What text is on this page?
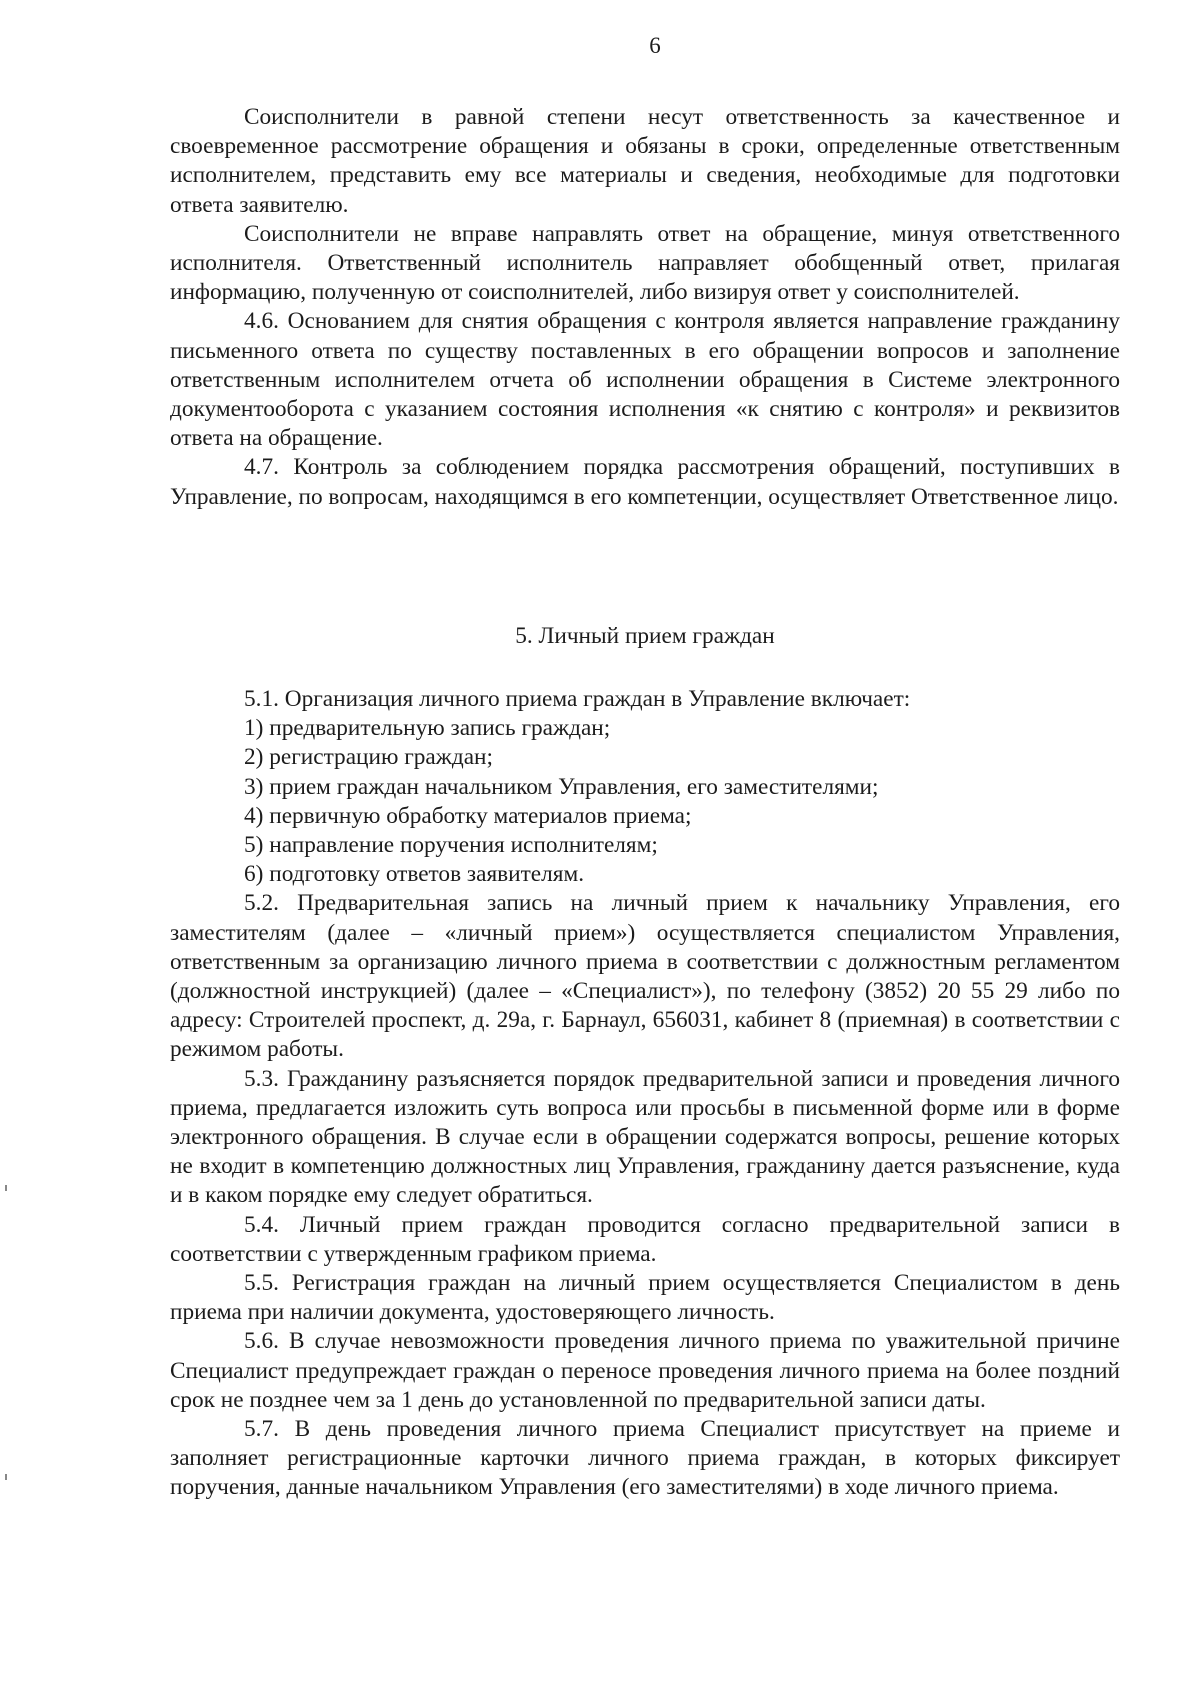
6

Соисполнители в равной степени несут ответственность за качественное и своевременное рассмотрение обращения и обязаны в сроки, определенные ответственным исполнителем, представить ему все материалы и сведения, необходимые для подготовки ответа заявителю.

Соисполнители не вправе направлять ответ на обращение, минуя ответственного исполнителя. Ответственный исполнитель направляет обобщенный ответ, прилагая информацию, полученную от соисполнителей, либо визируя ответ у соисполнителей.

4.6. Основанием для снятия обращения с контроля является направление гражданину письменного ответа по существу поставленных в его обращении вопросов и заполнение ответственным исполнителем отчета об исполнении обращения в Системе электронного документооборота с указанием состояния исполнения «к снятию с контроля» и реквизитов ответа на обращение.

4.7. Контроль за соблюдением порядка рассмотрения обращений, поступивших в Управление, по вопросам, находящимся в его компетенции, осуществляет Ответственное лицо.

5. Личный прием граждан

5.1. Организация личного приема граждан в Управление включает:

1) предварительную запись граждан;

2) регистрацию граждан;

3) прием граждан начальником Управления, его заместителями;

4) первичную обработку материалов приема;

5) направление поручения исполнителям;

6) подготовку ответов заявителям.

5.2. Предварительная запись на личный прием к начальнику Управления, его заместителям (далее – «личный прием») осуществляется специалистом Управления, ответственным за организацию личного приема в соответствии с должностным регламентом (должностной инструкцией) (далее – «Специалист»), по телефону (3852) 20 55 29 либо по адресу: Строителей проспект, д. 29а, г. Барнаул, 656031, кабинет 8 (приемная) в соответствии с режимом работы.

5.3. Гражданину разъясняется порядок предварительной записи и проведения личного приема, предлагается изложить суть вопроса или просьбы в письменной форме или в форме электронного обращения. В случае если в обращении содержатся вопросы, решение которых не входит в компетенцию должностных лиц Управления, гражданину дается разъяснение, куда и в каком порядке ему следует обратиться.

5.4. Личный прием граждан проводится согласно предварительной записи в соответствии с утвержденным графиком приема.

5.5. Регистрация граждан на личный прием осуществляется Специалистом в день приема при наличии документа, удостоверяющего личность.

5.6. В случае невозможности проведения личного приема по уважительной причине Специалист предупреждает граждан о переносе проведения личного приема на более поздний срок не позднее чем за 1 день до установленной по предварительной записи даты.

5.7. В день проведения личного приема Специалист присутствует на приеме и заполняет регистрационные карточки личного приема граждан, в которых фиксирует поручения, данные начальником Управления (его заместителями) в ходе личного приема.
